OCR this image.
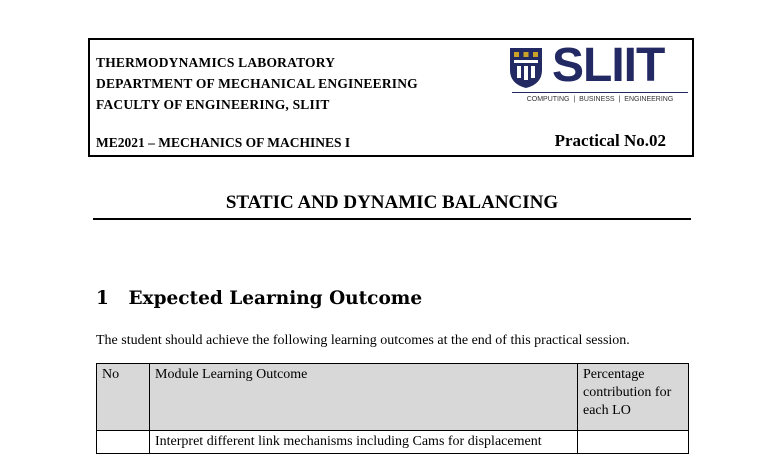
THERMODYNAMICS LABORATORY
DEPARTMENT OF MECHANICAL ENGINEERING
FACULTY OF ENGINEERING, SLIIT
ME2021 – MECHANICS OF MACHINES I	Practical No.02
SLIIT
COMPUTING | BUSINESS | ENGINEERING
STATIC AND DYNAMIC BALANCING
1 Expected Learning Outcome
The student should achieve the following learning outcomes at the end of this practical session.
No	Module Learning Outcome	Percentage contribution for each LO
	Interpret different link mechanisms including Cams for displacement	
